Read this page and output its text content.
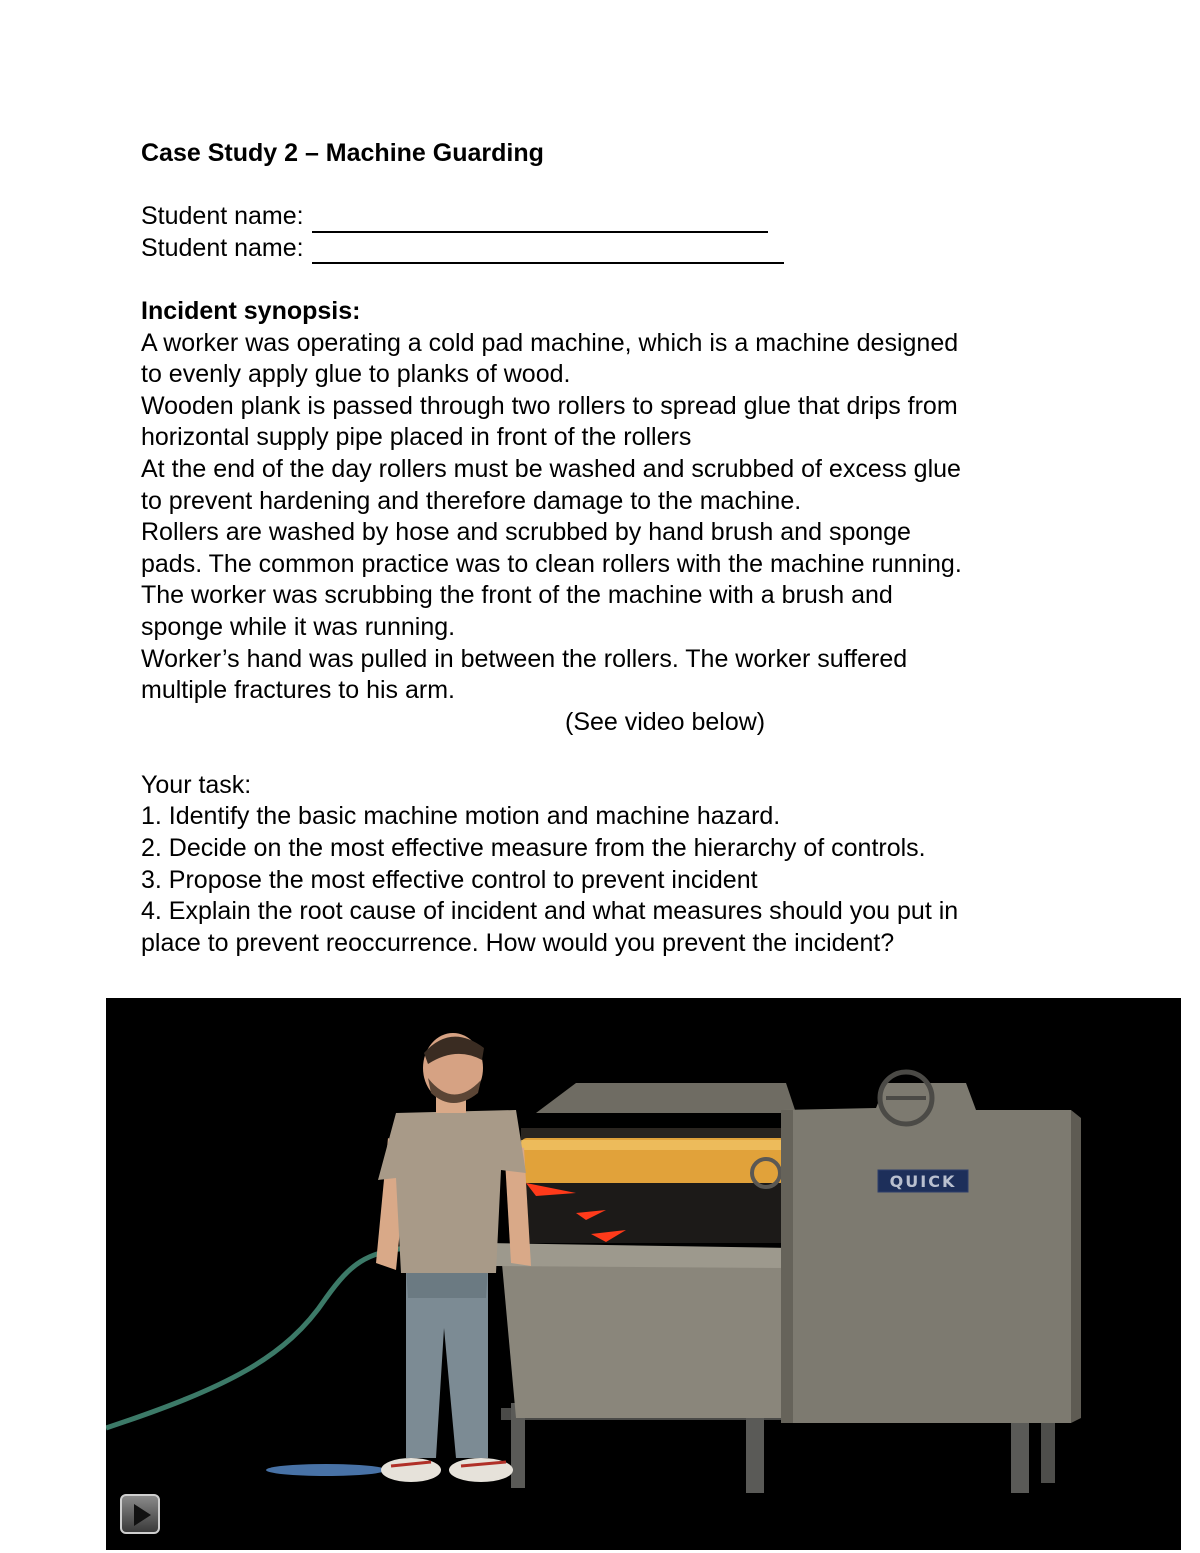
Case Study 2 – Machine Guarding
Student name:
Student name:
Incident synopsis:
A worker was operating a cold pad machine, which is a machine designed
to evenly apply glue to planks of wood.
Wooden plank is passed through two rollers to spread glue that drips from
horizontal supply pipe placed in front of the rollers
At the end of the day rollers must be washed and scrubbed of excess glue
to prevent hardening and therefore damage to the machine.
Rollers are washed by hose and scrubbed by hand brush and sponge
pads. The common practice was to clean rollers with the machine running.
The worker was scrubbing the front of the machine with a brush and
sponge while it was running.
Worker’s hand was pulled in between the rollers. The worker suffered
multiple fractures to his arm.
(See video below)
Your task:
1. Identify the basic machine motion and machine hazard.
2. Decide on the most effective measure from the hierarchy of controls.
3. Propose the most effective control to prevent incident
4. Explain the root cause of incident and what measures should you put in
place to prevent reoccurrence. How would you prevent the incident?
QUICK
